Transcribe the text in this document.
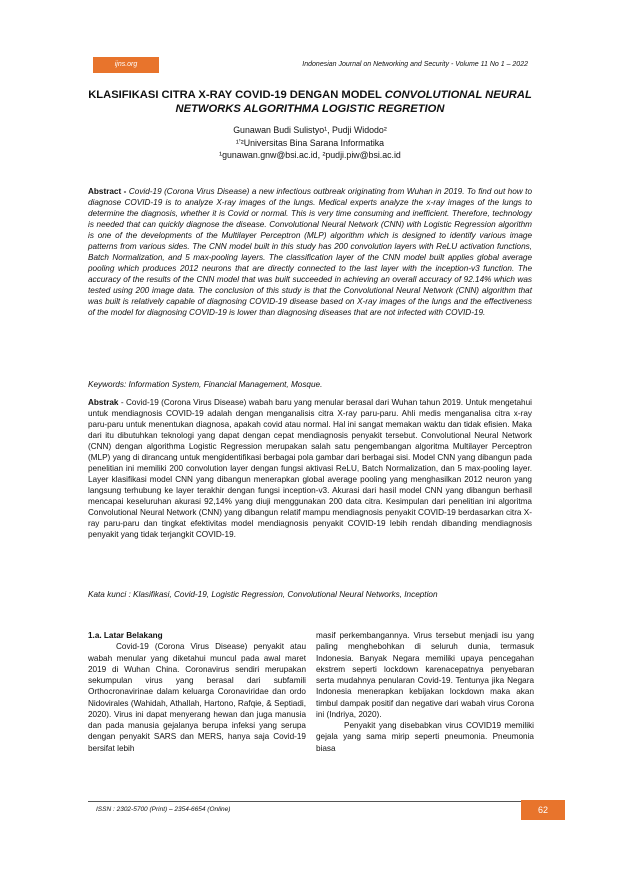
ijns.org	Indonesian Journal on Networking and Security - Volume 11 No 1 – 2022
KLASIFIKASI CITRA X-RAY COVID-19 DENGAN MODEL CONVOLUTIONAL NEURAL NETWORKS ALGORITHMA LOGISTIC REGRETION
Gunawan Budi Sulistyo¹, Pudji Widodo²
¹ʼ²Universitas Bina Sarana Informatika
¹gunawan.gnw@bsi.ac.id, ²pudji.piw@bsi.ac.id
Abstract - Covid-19 (Corona Virus Disease) a new infectious outbreak originating from Wuhan in 2019. To find out how to diagnose COVID-19 is to analyze X-ray images of the lungs. Medical experts analyze the x-ray images of the lungs to determine the diagnosis, whether it is Covid or normal. This is very time consuming and inefficient. Therefore, technology is needed that can quickly diagnose the disease. Convolutional Neural Network (CNN) with Logistic Regression algorithm is one of the developments of the Multilayer Perceptron (MLP) algorithm which is designed to identify various image patterns from various sides. The CNN model built in this study has 200 convolution layers with ReLU activation functions, Batch Normalization, and 5 max-pooling layers. The classification layer of the CNN model built applies global average pooling which produces 2012 neurons that are directly connected to the last layer with the inception-v3 function. The accuracy of the results of the CNN model that was built succeeded in achieving an overall accuracy of 92.14% which was tested using 200 image data. The conclusion of this study is that the Convolutional Neural Network (CNN) algorithm that was built is relatively capable of diagnosing COVID-19 disease based on X-ray images of the lungs and the effectiveness of the model for diagnosing COVID-19 is lower than diagnosing diseases that are not infected with COVID-19.
Keywords: Information System, Financial Management, Mosque.
Abstrak - Covid-19 (Corona Virus Disease) wabah baru yang menular berasal dari Wuhan tahun 2019. Untuk mengetahui untuk mendiagnosis COVID-19 adalah dengan menganalisis citra X-ray paru-paru. Ahli medis menganalisa citra x-ray paru-paru untuk menentukan diagnosa, apakah covid atau normal. Hal ini sangat memakan waktu dan tidak efisien. Maka dari itu dibutuhkan teknologi yang dapat dengan cepat mendiagnosis penyakit tersebut. Convolutional Neural Network (CNN) dengan algorithma Logistic Regression merupakan salah satu pengembangan algoritma Multilayer Perceptron (MLP) yang di dirancang untuk mengidentifikasi berbagai pola gambar dari berbagai sisi. Model CNN yang dibangun pada penelitian ini memiliki 200 convolution layer dengan fungsi aktivasi ReLU, Batch Normalization, dan 5 max-pooling layer. Layer klasifikasi model CNN yang dibangun menerapkan global average pooling yang menghasilkan 2012 neuron yang langsung terhubung ke layer terakhir dengan fungsi inception-v3. Akurasi dari hasil model CNN yang dibangun berhasil mencapai keseluruhan akurasi 92,14% yang diuji menggunakan 200 data citra. Kesimpulan dari penelitian ini algoritma Convolutional Neural Network (CNN) yang dibangun relatif mampu mendiagnosis penyakit COVID-19 berdasarkan citra X-ray paru-paru dan tingkat efektivitas model mendiagnosis penyakit COVID-19 lebih rendah dibanding mendiagnosis penyakit yang tidak terjangkit COVID-19.
Kata kunci : Klasifikasi, Covid-19, Logistic Regression, Convolutional Neural Networks, Inception

1.a. Latar Belakang

Covid-19 (Corona Virus Disease) penyakit atau wabah menular yang diketahui muncul pada awal maret 2019 di Wuhan China. Coronavirus sendiri merupakan sekumpulan virus yang berasal dari subfamili Orthocronavirinae dalam keluarga Coronaviridae dan ordo Nidovirales (Wahidah, Athallah, Hartono, Rafqie, & Septiadi, 2020). Virus ini dapat menyerang hewan dan juga manusia dan pada manusia gejalanya berupa infeksi yang serupa dengan penyakit SARS dan MERS, hanya saja Covid-19 bersifat lebih

masif perkembangannya. Virus tersebut menjadi isu yang paling menghebohkan di seluruh dunia, termasuk Indonesia. Banyak Negara memiliki upaya pencegahan ekstrem seperti lockdown karenacepatnya penyebaran serta mudahnya penularan Covid-19. Tentunya jika Negara Indonesia menerapkan kebijakan lockdown maka akan timbul dampak positif dan negative dari wabah virus Corona ini (Indriya, 2020).

Penyakit yang disebabkan virus COVID19 memiliki gejala yang sama mirip seperti pneumonia. Pneumonia biasa

ISSN : 2302-5700 (Print) – 2354-6654 (Online)	62
